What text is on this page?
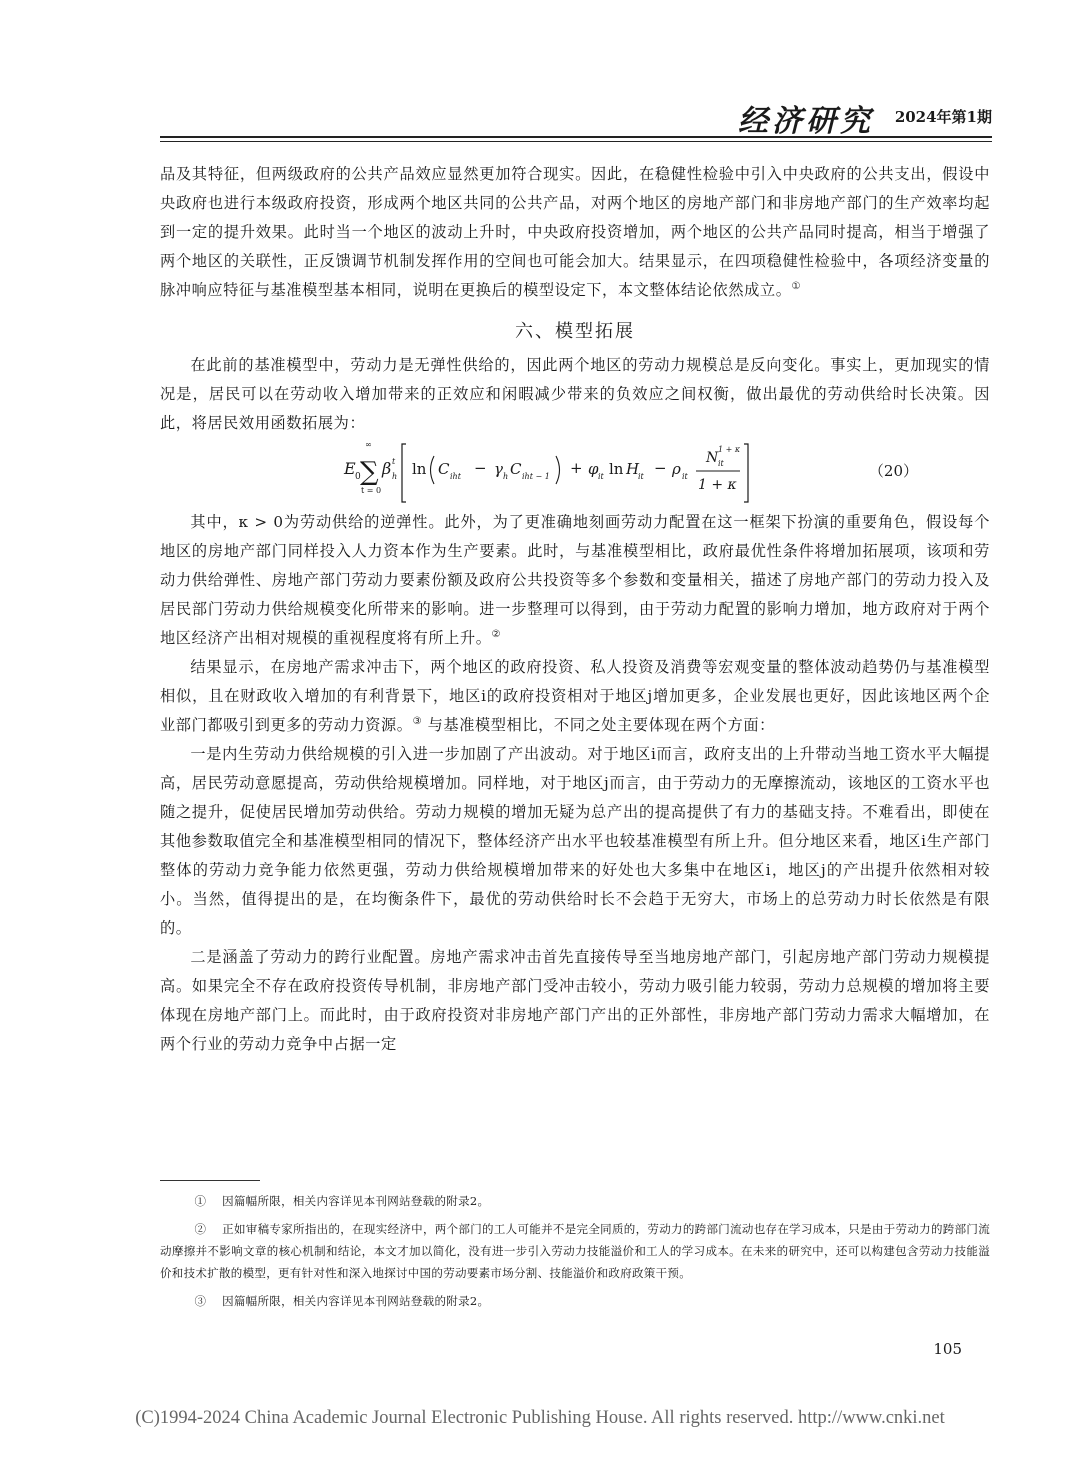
经济研究 2024年第1期

品及其特征，但两级政府的公共产品效应显然更加符合现实。因此，在稳健性检验中引入中央政府的公共支出，假设中央政府也进行本级政府投资，形成两个地区共同的公共产品，对两个地区的房地产部门和非房地产部门的生产效率均起到一定的提升效果。此时当一个地区的波动上升时，中央政府投资增加，两个地区的公共产品同时提高，相当于增强了两个地区的关联性，正反馈调节机制发挥作用的空间也可能会加大。结果显示，在四项稳健性检验中，各项经济变量的脉冲响应特征与基准模型基本相同，说明在更换后的模型设定下，本文整体结论依然成立。①

六、模型拓展

在此前的基准模型中，劳动力是无弹性供给的，因此两个地区的劳动力规模总是反向变化。事实上，更加现实的情况是，居民可以在劳动收入增加带来的正效应和闲暇减少带来的负效应之间权衡，做出最优的劳动供给时长决策。因此，将居民效用函数拓展为：

E 0
∞
∑
t = 0
β t
h ln C iht − γ h C iht − 1 + φ it ln H
it − ρ it
N
1 + κ
it
1 + κ
（20）

其中，κ > 0为劳动供给的逆弹性。此外，为了更准确地刻画劳动力配置在这一框架下扮演的重要角色，假设每个地区的房地产部门同样投入人力资本作为生产要素。此时，与基准模型相比，政府最优性条件将增加拓展项，该项和劳动力供给弹性、房地产部门劳动力要素份额及政府公共投资等多个参数和变量相关，描述了房地产部门的劳动力投入及居民部门劳动力供给规模变化所带来的影响。进一步整理可以得到，由于劳动力配置的影响力增加，地方政府对于两个地区经济产出相对规模的重视程度将有所上升。②

结果显示，在房地产需求冲击下，两个地区的政府投资、私人投资及消费等宏观变量的整体波动趋势仍与基准模型相似，且在财政收入增加的有利背景下，地区i的政府投资相对于地区j增加更多，企业发展也更好，因此该地区两个企业部门都吸引到更多的劳动力资源。③ 与基准模型相比，不同之处主要体现在两个方面：

一是内生劳动力供给规模的引入进一步加剧了产出波动。对于地区i而言，政府支出的上升带动当地工资水平大幅提高，居民劳动意愿提高，劳动供给规模增加。同样地，对于地区j而言，由于劳动力的无摩擦流动，该地区的工资水平也随之提升，促使居民增加劳动供给。劳动力规模的增加无疑为总产出的提高提供了有力的基础支持。不难看出，即使在其他参数取值完全和基准模型相同的情况下，整体经济产出水平也较基准模型有所上升。但分地区来看，地区i生产部门整体的劳动力竞争能力依然更强，劳动力供给规模增加带来的好处也大多集中在地区i，地区j的产出提升依然相对较小。当然，值得提出的是，在均衡条件下，最优的劳动供给时长不会趋于无穷大，市场上的总劳动力时长依然是有限的。

二是涵盖了劳动力的跨行业配置。房地产需求冲击首先直接传导至当地房地产部门，引起房地产部门劳动力规模提高。如果完全不存在政府投资传导机制，非房地产部门受冲击较小，劳动力吸引能力较弱，劳动力总规模的增加将主要体现在房地产部门上。而此时，由于政府投资对非房地产部门产出的正外部性，非房地产部门劳动力需求大幅增加，在两个行业的劳动力竞争中占据一定

①　 因篇幅所限，相关内容详见本刊网站登载的附录2。

②　 正如审稿专家所指出的，在现实经济中，两个部门的工人可能并不是完全同质的，劳动力的跨部门流动也存在学习成本，只是由于劳动力的跨部门流动摩擦并不影响文章的核心机制和结论，本文才加以简化，没有进一步引入劳动力技能溢价和工人的学习成本。在未来的研究中，还可以构建包含劳动力技能溢价和技术扩散的模型，更有针对性和深入地探讨中国的劳动要素市场分割、技能溢价和政府政策干预。

③　 因篇幅所限，相关内容详见本刊网站登载的附录2。

105
(C)1994-2024 China Academic Journal Electronic Publishing House. All rights reserved. http://www.cnki.net
